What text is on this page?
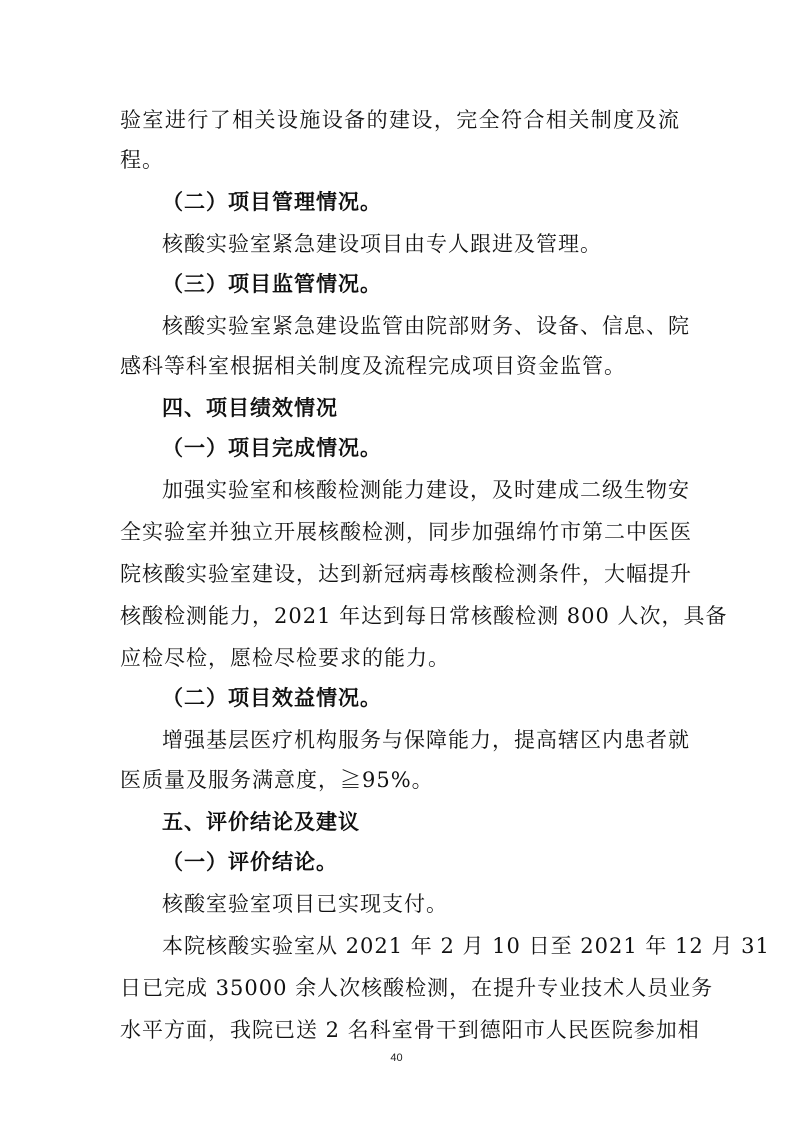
验室进行了相关设施设备的建设，完全符合相关制度及流
程。
（二）项目管理情况。
核酸实验室紧急建设项目由专人跟进及管理。
（三）项目监管情况。
核酸实验室紧急建设监管由院部财务、设备、信息、院
感科等科室根据相关制度及流程完成项目资金监管。
四、项目绩效情况
（一）项目完成情况。
加强实验室和核酸检测能力建设，及时建成二级生物安
全实验室并独立开展核酸检测，同步加强绵竹市第二中医医
院核酸实验室建设，达到新冠病毒核酸检测条件，大幅提升
核酸检测能力，2021 年达到每日常核酸检测 800 人次，具备
应检尽检，愿检尽检要求的能力。
（二）项目效益情况。
增强基层医疗机构服务与保障能力，提高辖区内患者就
医质量及服务满意度，≧95%。
五、评价结论及建议
（一）评价结论。
核酸室验室项目已实现支付。
本院核酸实验室从 2021 年 2 月 10 日至 2021 年 12 月 31
日已完成 35000 余人次核酸检测，在提升专业技术人员业务
水平方面，我院已送 2 名科室骨干到德阳市人民医院参加相
40
